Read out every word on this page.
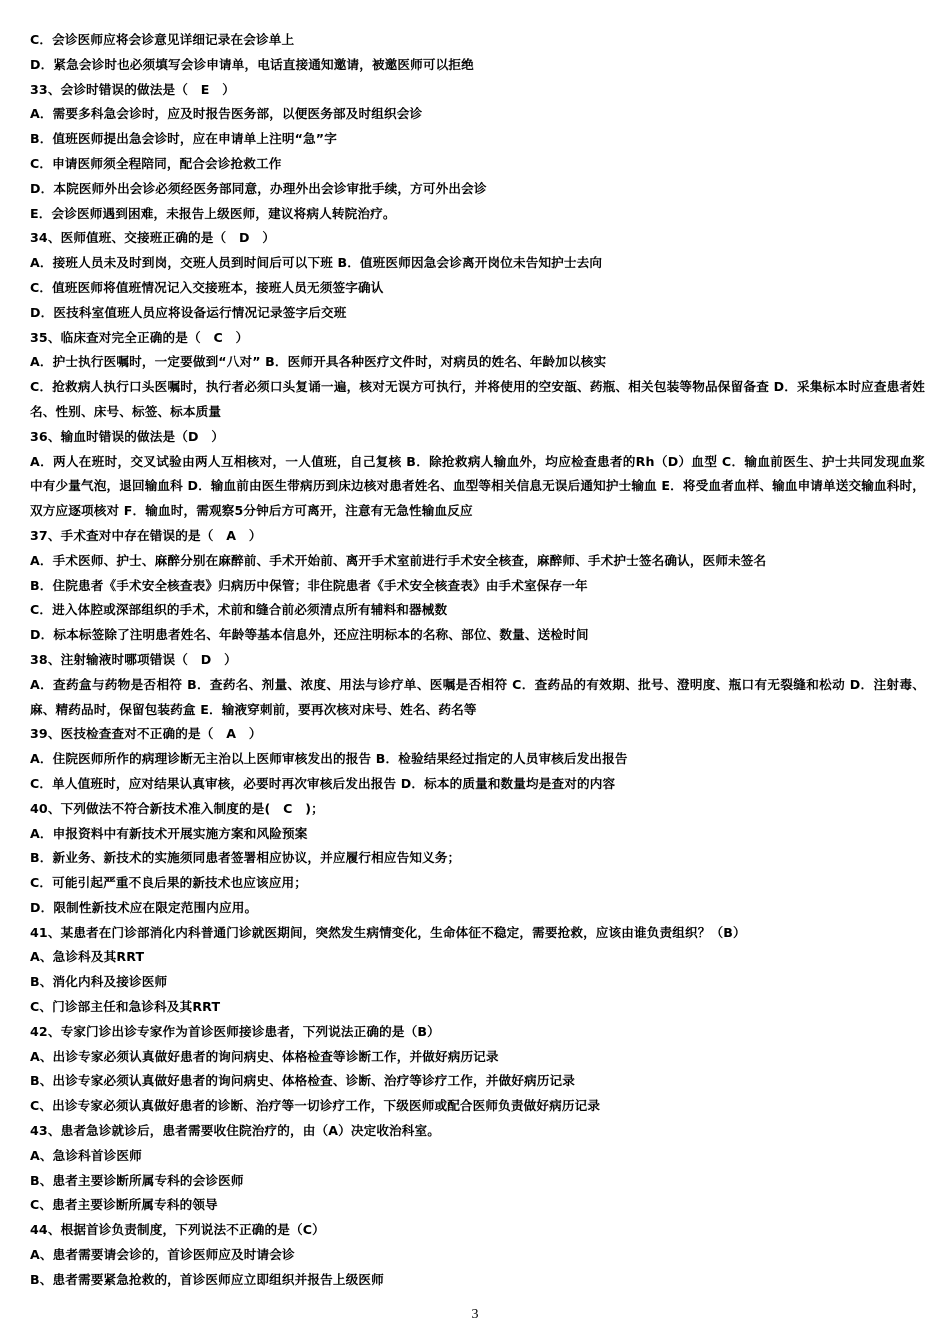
C．会诊医师应将会诊意见详细记录在会诊单上
D．紧急会诊时也必须填写会诊申请单，电话直接通知邀请，被邀医师可以拒绝
33、会诊时错误的做法是（　E　）
A．需要多科急会诊时，应及时报告医务部，以便医务部及时组织会诊
B．值班医师提出急会诊时，应在申请单上注明“急”字
C．申请医师须全程陪同，配合会诊抢救工作
D．本院医师外出会诊必须经医务部同意，办理外出会诊审批手续，方可外出会诊
E．会诊医师遇到困难，未报告上级医师，建议将病人转院治疗。
34、医师值班、交接班正确的是（　D　）
A．接班人员未及时到岗，交班人员到时间后可以下班 B．值班医师因急会诊离开岗位未告知护士去向
C．值班医师将值班情况记入交接班本，接班人员无须签字确认
D．医技科室值班人员应将设备运行情况记录签字后交班
35、临床查对完全正确的是（　C　）
A．护士执行医嘱时，一定要做到“八对” B．医师开具各种医疗文件时，对病员的姓名、年龄加以核实
C．抢救病人执行口头医嘱时，执行者必须口头复诵一遍，核对无误方可执行，并将使用的空安瓿、药瓶、相关包装等物品保留备查 D．采集标本时应查患者姓名、性别、床号、标签、标本质量
36、输血时错误的做法是（D　）
A．两人在班时，交叉试验由两人互相核对，一人值班，自己复核 B．除抢救病人输血外，均应检查患者的Rh（D）血型 C．输血前医生、护士共同发现血浆中有少量气泡，退回输血科 D．输血前由医生带病历到床边核对患者姓名、血型等相关信息无误后通知护士输血 E．将受血者血样、输血申请单送交输血科时，双方应逐项核对 F．输血时，需观察5分钟后方可离开，注意有无急性输血反应
37、手术查对中存在错误的是（　A　）
A．手术医师、护士、麻醉分别在麻醉前、手术开始前、离开手术室前进行手术安全核查，麻醉师、手术护士签名确认，医师未签名
B．住院患者《手术安全核查表》归病历中保管；非住院患者《手术安全核查表》由手术室保存一年
C．进入体腔或深部组织的手术，术前和缝合前必须清点所有辅料和器械数
D．标本标签除了注明患者姓名、年龄等基本信息外，还应注明标本的名称、部位、数量、送检时间
38、注射输液时哪项错误（　D　）
A．查药盒与药物是否相符 B．查药名、剂量、浓度、用法与诊疗单、医嘱是否相符 C．查药品的有效期、批号、澄明度、瓶口有无裂缝和松动 D．注射毒、麻、精药品时，保留包装药盒 E．输液穿刺前，要再次核对床号、姓名、药名等
39、医技检查查对不正确的是（　A　）
A．住院医师所作的病理诊断无主治以上医师审核发出的报告 B．检验结果经过指定的人员审核后发出报告
C．单人值班时，应对结果认真审核，必要时再次审核后发出报告 D．标本的质量和数量均是查对的内容
40、下列做法不符合新技术准入制度的是(　C　)；
A．申报资料中有新技术开展实施方案和风险预案
B．新业务、新技术的实施须同患者签署相应协议，并应履行相应告知义务；
C．可能引起严重不良后果的新技术也应该应用；
D．限制性新技术应在限定范围内应用。
41、某患者在门诊部消化内科普通门诊就医期间，突然发生病情变化，生命体征不稳定，需要抢救，应该由谁负责组织？（B）
A、急诊科及其RRT
B、消化内科及接诊医师
C、门诊部主任和急诊科及其RRT
42、专家门诊出诊专家作为首诊医师接诊患者，下列说法正确的是（B）
A、出诊专家必须认真做好患者的询问病史、体格检查等诊断工作，并做好病历记录
B、出诊专家必须认真做好患者的询问病史、体格检查、诊断、治疗等诊疗工作，并做好病历记录
C、出诊专家必须认真做好患者的诊断、治疗等一切诊疗工作，下级医师或配合医师负责做好病历记录
43、患者急诊就诊后，患者需要收住院治疗的，由（A）决定收治科室。
A、急诊科首诊医师
B、患者主要诊断所属专科的会诊医师
C、患者主要诊断所属专科的领导
44、根据首诊负责制度，下列说法不正确的是（C）
A、患者需要请会诊的，首诊医师应及时请会诊
B、患者需要紧急抢救的，首诊医师应立即组织并报告上级医师
3
